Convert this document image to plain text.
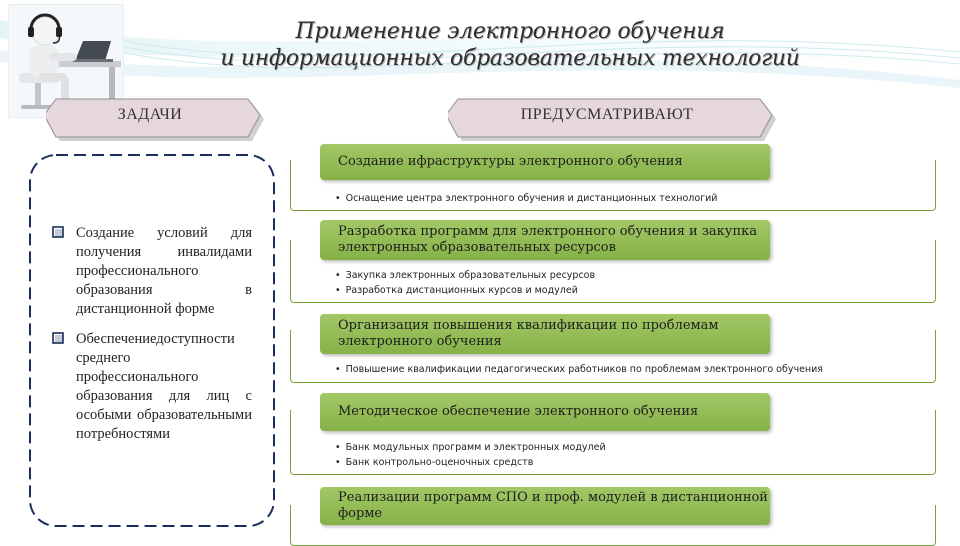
Применение электронного обучения
и информационных образовательных технологий
ЗАДАЧИ	ПРЕДУСМАТРИВАЮТ
Создание условий для получения инвалидами профессионального образования в дистанционной форме
Обеспечениедоступности среднего профессионального образования для лиц с особыми образовательными потребностями
• Оснащение центра электронного обучения и дистанционных технологий
• Закупка электронных образовательных ресурсов
• Разработка дистанционных курсов и модулей
• Повышение квалификации педагогических работников по проблемам электронного обучения
• Банк модульных программ и электронных модулей
• Банк контрольно-оценочных средств
Создание ифраструктуры электронного обучения
Разработка программ для электронного обучения и закупка электронных образовательных ресурсов
Организация повышения квалификации по проблемам электронного обучения
Методическое обеспечение электронного обучения
Реализации программ СПО и проф. модулей в дистанционной форме
